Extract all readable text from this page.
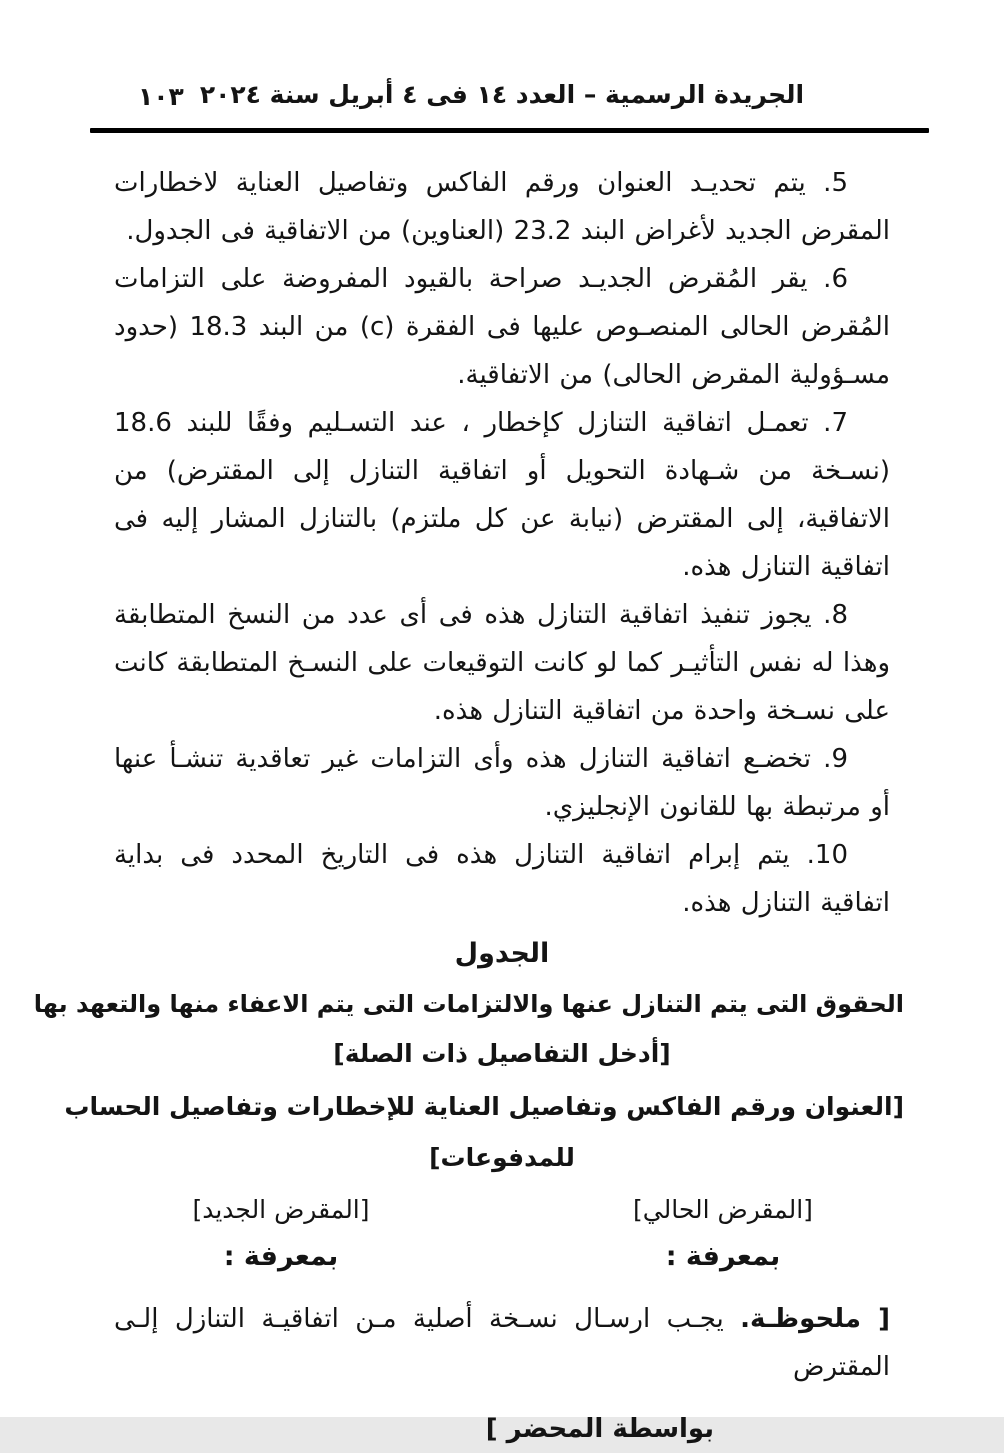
الجريدة الرسمية – العدد ١٤ فى ٤ أبريل سنة ٢٠٢٤
١٠٣

5. يتم تحديـد العنوان ورقم الفاكس وتفاصيل العناية لاخطارات المقرض الجديد لأغراض البند 23.2 (العناوين) من الاتفاقية فى الجدول.

6. يقر المُقرض الجديـد صراحة بالقيود المفروضة على التزامات المُقرض الحالى المنصـوص عليها فى الفقرة (c) من البند 18.3 (حدود مسـؤولية المقرض الحالى) من الاتفاقية.

7. تعمـل اتفاقية التنازل كإخطار ، عند التسـليم وفقًا للبند 18.6 (نسـخة من شـهادة التحويل أو اتفاقية التنازل إلى المقترض) من الاتفاقية، إلى المقترض (نيابة عن كل ملتزم) بالتنازل المشار إليه فى اتفاقية التنازل هذه.

8. يجوز تنفيذ اتفاقية التنازل هذه فى أى عدد من النسخ المتطابقة وهذا له نفس التأثيـر كما لو كانت التوقيعات على النسـخ المتطابقة كانت على نسـخة واحدة من اتفاقية التنازل هذه.

9. تخضـع اتفاقية التنازل هذه وأى التزامات غير تعاقدية تنشـأ عنها أو مرتبطة بها للقانون الإنجليزي.

10. يتم إبرام اتفاقية التنازل هذه فى التاريخ المحدد فى بداية اتفاقية التنازل هذه.

الجدول
الحقوق التى يتم التنازل عنها والالتزامات التى يتم الاعفاء منها والتعهد بها
[أدخل التفاصيل ذات الصلة]
[العنوان ورقم الفاكس وتفاصيل العناية للإخطارات وتفاصيل الحساب
للمدفوعات]
[المقرض الحالي]
بمعرفة :
[المقرض الجديد]
بمعرفة :
[ ملحوظـة. يجـب ارسـال نسـخة أصلية مـن اتفاقيـة التنازل إلـى المقترض
بواسطة المحضر ]
